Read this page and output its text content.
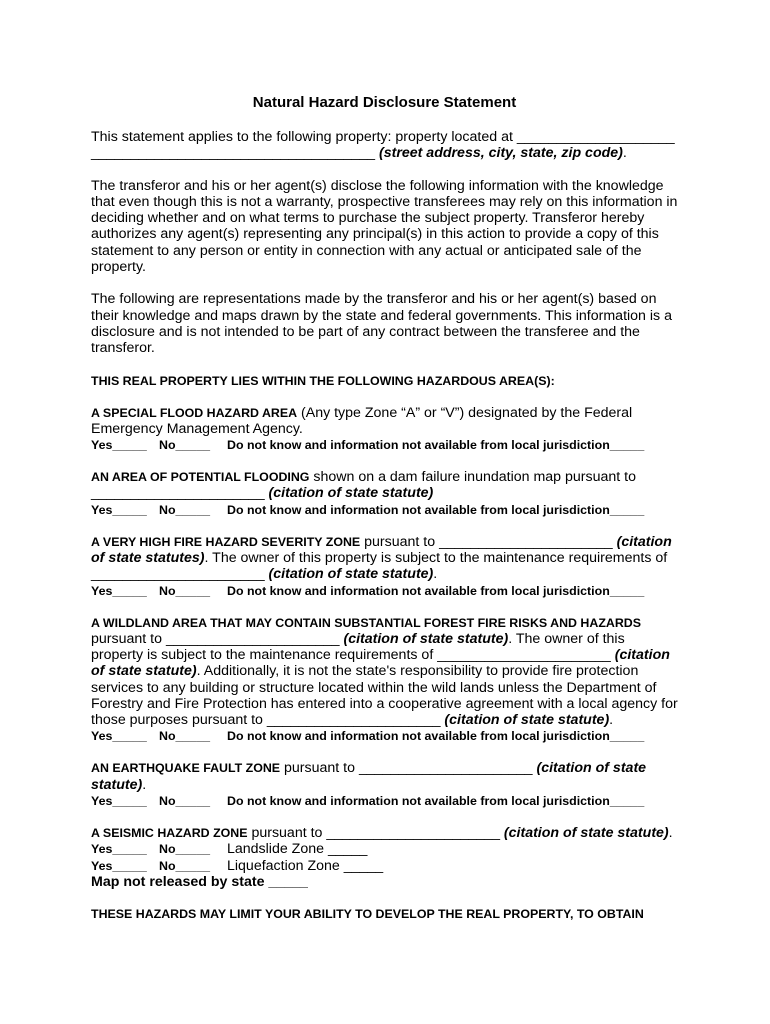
Natural Hazard Disclosure Statement

This statement applies to the following property: property located at ____________________
____________________________________ (street address, city, state, zip code).

The transferor and his or her agent(s) disclose the following information with the knowledge that even though this is not a warranty, prospective transferees may rely on this information in deciding whether and on what terms to purchase the subject property. Transferor hereby authorizes any agent(s) representing any principal(s) in this action to provide a copy of this statement to any person or entity in connection with any actual or anticipated sale of the property.

The following are representations made by the transferor and his or her agent(s) based on their knowledge and maps drawn by the state and federal governments. This information is a disclosure and is not intended to be part of any contract between the transferee and the transferor.

THIS REAL PROPERTY LIES WITHIN THE FOLLOWING HAZARDOUS AREA(S):

A SPECIAL FLOOD HAZARD AREA (Any type Zone “A” or “V”) designated by the Federal Emergency Management Agency.

Yes_____ No_____ Do not know and information not available from local jurisdiction_____

AN AREA OF POTENTIAL FLOODING shown on a dam failure inundation map pursuant to
______________________ (citation of state statute)

Yes_____ No_____ Do not know and information not available from local jurisdiction_____

A VERY HIGH FIRE HAZARD SEVERITY ZONE pursuant to ______________________ (citation of state statutes). The owner of this property is subject to the maintenance requirements of
______________________ (citation of state statute).

Yes_____ No_____ Do not know and information not available from local jurisdiction_____
A WILDLAND AREA THAT MAY CONTAIN SUBSTANTIAL FOREST FIRE RISKS AND HAZARDS

pursuant to ______________________ (citation of state statute). The owner of this property is subject to the maintenance requirements of ______________________ (citation of state statute). Additionally, it is not the state's responsibility to provide fire protection services to any building or structure located within the wild lands unless the Department of Forestry and Fire Protection has entered into a cooperative agreement with a local agency for those purposes pursuant to ______________________ (citation of state statute).

Yes_____ No_____ Do not know and information not available from local jurisdiction_____

AN EARTHQUAKE FAULT ZONE pursuant to ______________________ (citation of state statute).

Yes_____ No_____ Do not know and information not available from local jurisdiction_____

A SEISMIC HAZARD ZONE pursuant to ______________________ (citation of state statute).

Yes_____ No_____ Landslide Zone _____
Yes_____ No_____ Liquefaction Zone _____

Map not released by state _____

THESE HAZARDS MAY LIMIT YOUR ABILITY TO DEVELOP THE REAL PROPERTY, TO OBTAIN
